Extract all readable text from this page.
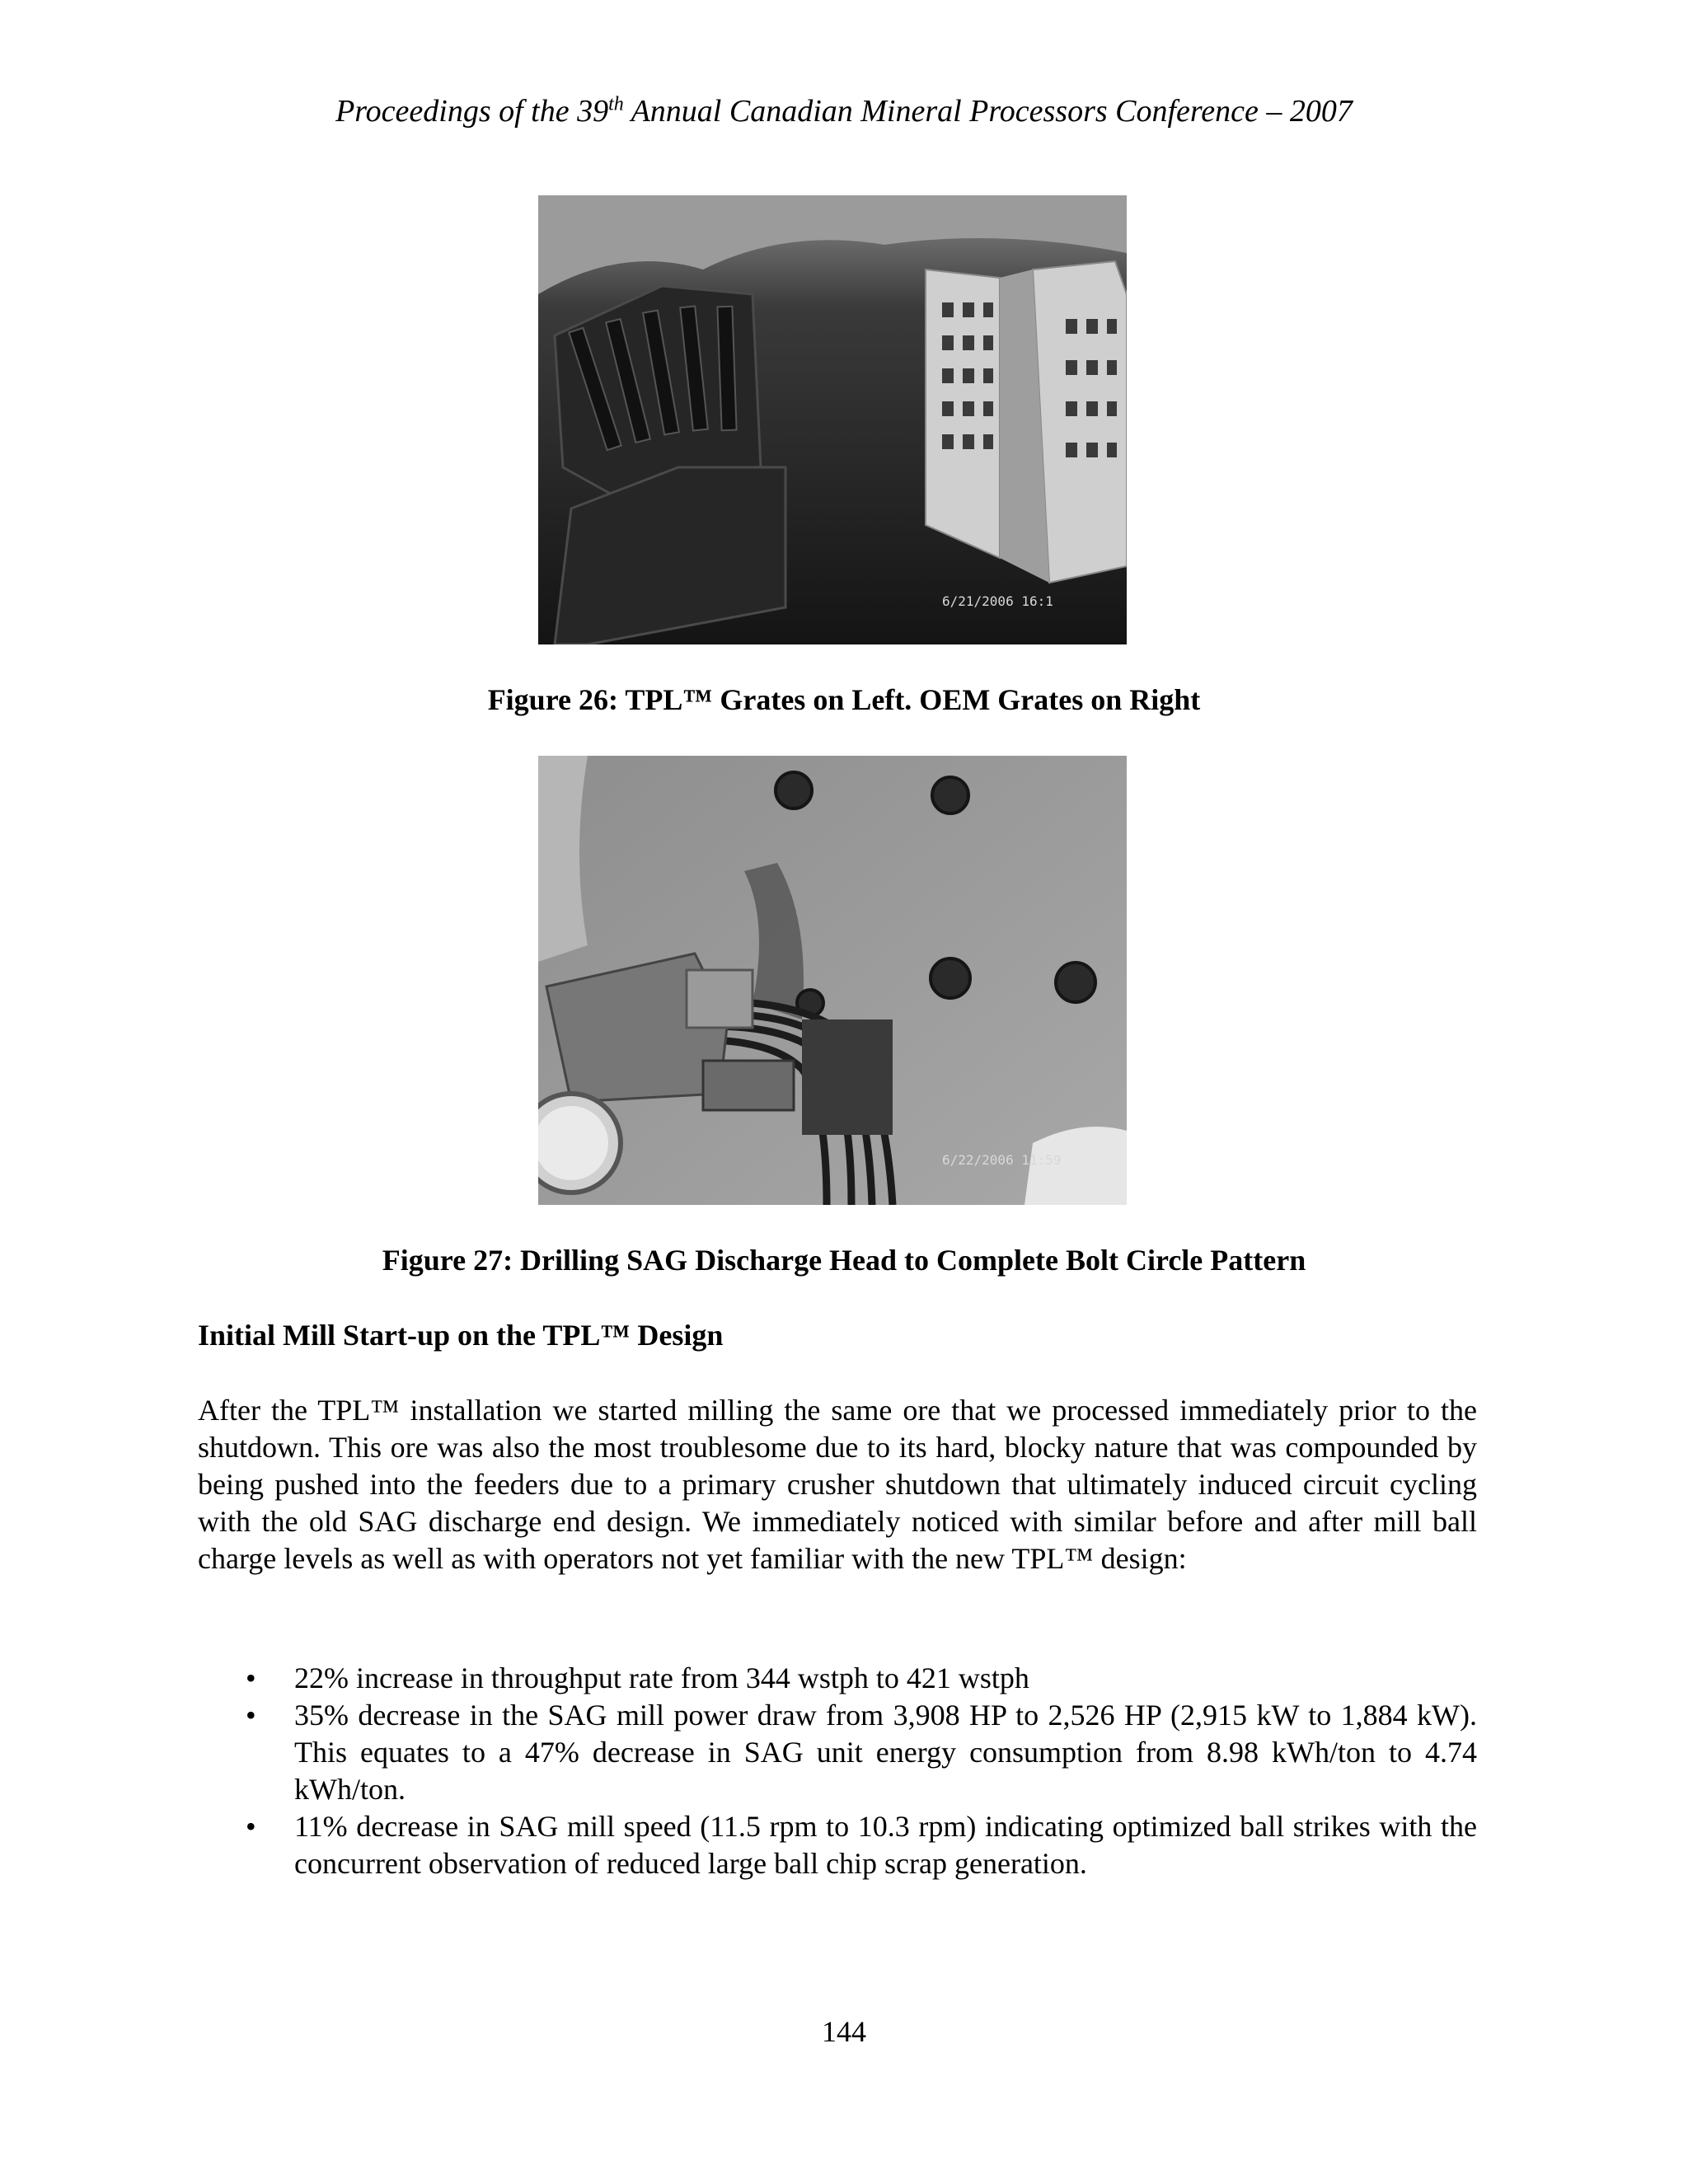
Proceedings of the 39th Annual Canadian Mineral Processors Conference – 2007
6/21/2006 16:1
Figure 26: TPL™ Grates on Left. OEM Grates on Right
6/22/2006 11:59
Figure 27: Drilling SAG Discharge Head to Complete Bolt Circle Pattern
Initial Mill Start-up on the TPL™ Design
After the TPL™ installation we started milling the same ore that we processed immediately prior to the shutdown. This ore was also the most troublesome due to its hard, blocky nature that was compounded by being pushed into the feeders due to a primary crusher shutdown that ultimately induced circuit cycling with the old SAG discharge end design. We immediately noticed with similar before and after mill ball charge levels as well as with operators not yet familiar with the new TPL™ design:
• 22% increase in throughput rate from 344 wstph to 421 wstph
• 35% decrease in the SAG mill power draw from 3,908 HP to 2,526 HP (2,915 kW to 1,884 kW). This equates to a 47% decrease in SAG unit energy consumption from 8.98 kWh/ton to 4.74 kWh/ton.
• 11% decrease in SAG mill speed (11.5 rpm to 10.3 rpm) indicating optimized ball strikes with the concurrent observation of reduced large ball chip scrap generation.
144
